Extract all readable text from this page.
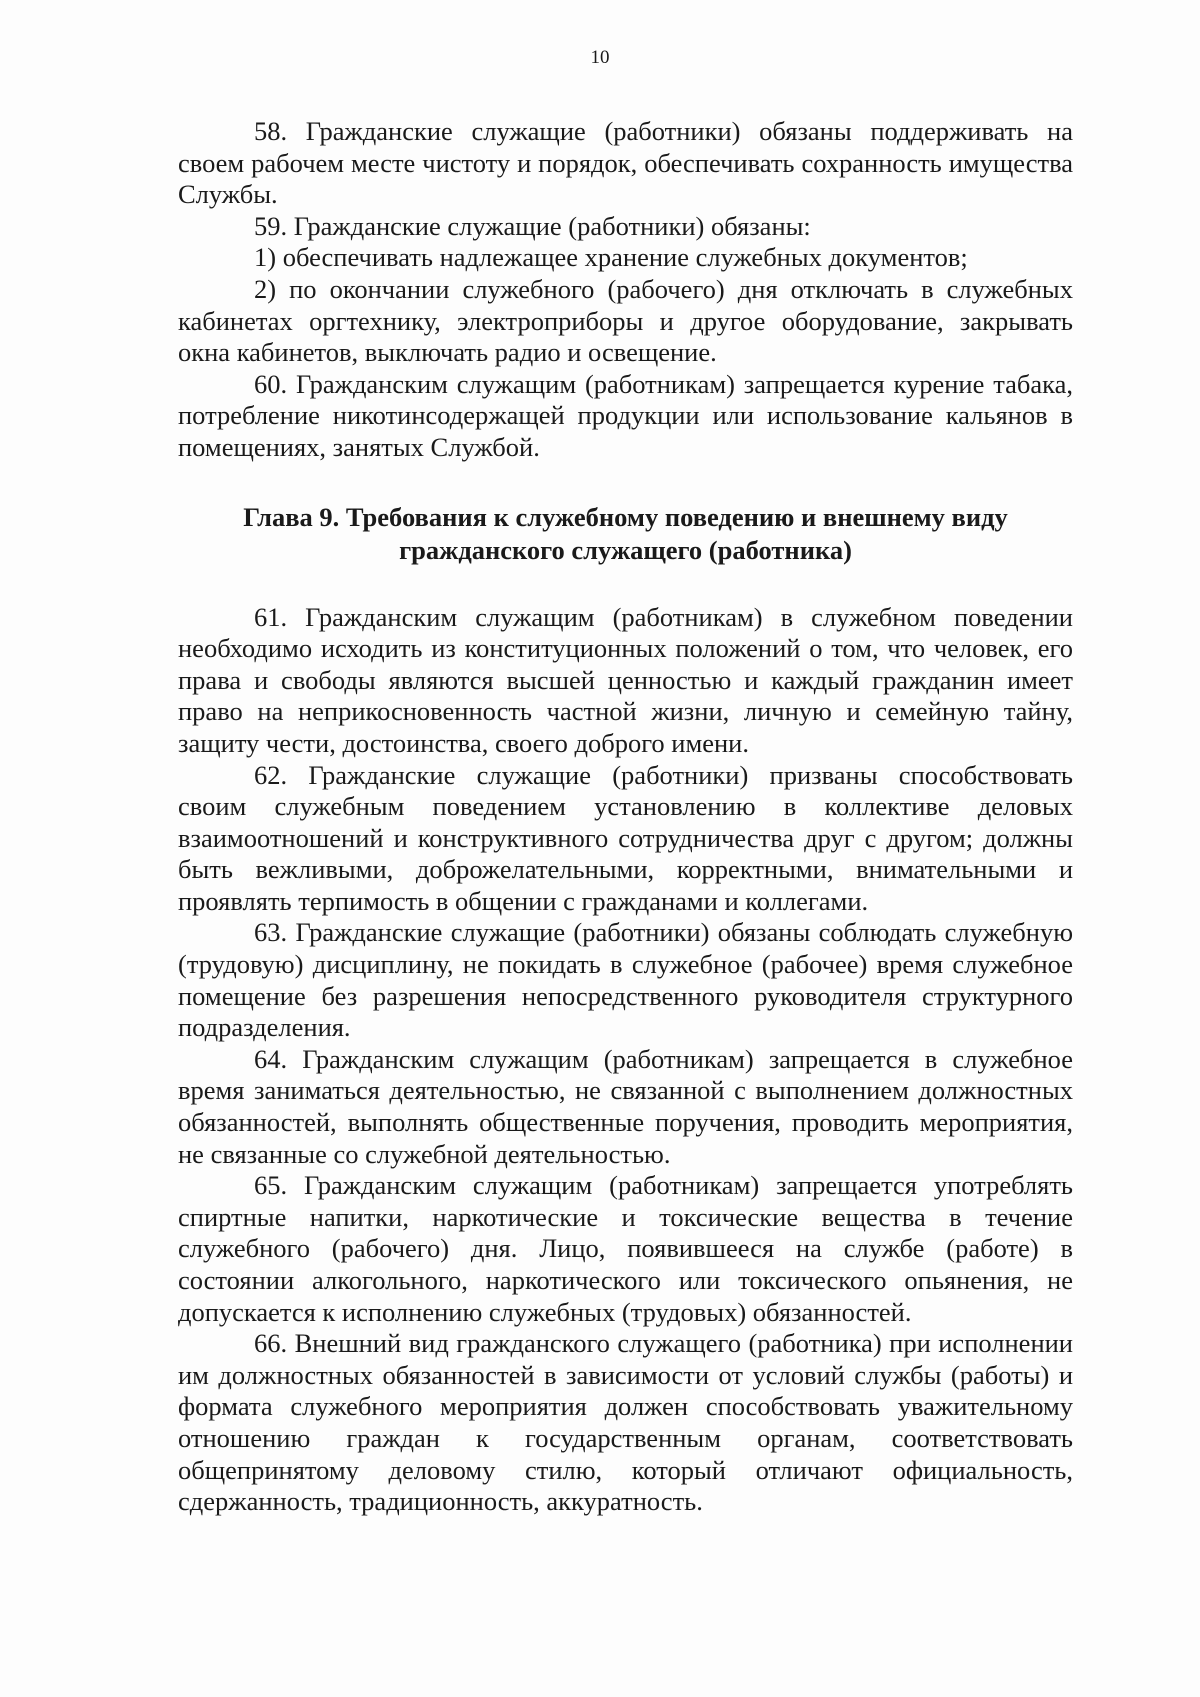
10

58. Гражданские служащие (работники) обязаны поддерживать на своем рабочем месте чистоту и порядок, обеспечивать сохранность имущества Службы.

59. Гражданские служащие (работники) обязаны:

1) обеспечивать надлежащее хранение служебных документов;

2) по окончании служебного (рабочего) дня отключать в служебных кабинетах оргтехнику, электроприборы и другое оборудование, закрывать окна кабинетов, выключать радио и освещение.

60. Гражданским служащим (работникам) запрещается курение табака, потребление никотинсодержащей продукции или использование кальянов в помещениях, занятых Службой.

Глава 9. Требования к служебному поведению и внешнему виду
гражданского служащего (работника)

61. Гражданским служащим (работникам) в служебном поведении необходимо исходить из конституционных положений о том, что человек, его права и свободы являются высшей ценностью и каждый гражданин имеет право на неприкосновенность частной жизни, личную и семейную тайну, защиту чести, достоинства, своего доброго имени.

62. Гражданские служащие (работники) призваны способствовать своим служебным поведением установлению в коллективе деловых взаимоотношений и конструктивного сотрудничества друг с другом; должны быть вежливыми, доброжелательными, корректными, внимательными и проявлять терпимость в общении с гражданами и коллегами.

63. Гражданские служащие (работники) обязаны соблюдать служебную (трудовую) дисциплину, не покидать в служебное (рабочее) время служебное помещение без разрешения непосредственного руководителя структурного подразделения.

64. Гражданским служащим (работникам) запрещается в служебное время заниматься деятельностью, не связанной с выполнением должностных обязанностей, выполнять общественные поручения, проводить мероприятия, не связанные со служебной деятельностью.

65. Гражданским служащим (работникам) запрещается употреблять спиртные напитки, наркотические и токсические вещества в течение служебного (рабочего) дня. Лицо, появившееся на службе (работе) в состоянии алкогольного, наркотического или токсического опьянения, не допускается к исполнению служебных (трудовых) обязанностей.

66. Внешний вид гражданского служащего (работника) при исполнении им должностных обязанностей в зависимости от условий службы (работы) и формата служебного мероприятия должен способствовать уважительному отношению граждан к государственным органам, соответствовать общепринятому деловому стилю, который отличают официальность, сдержанность, традиционность, аккуратность.
